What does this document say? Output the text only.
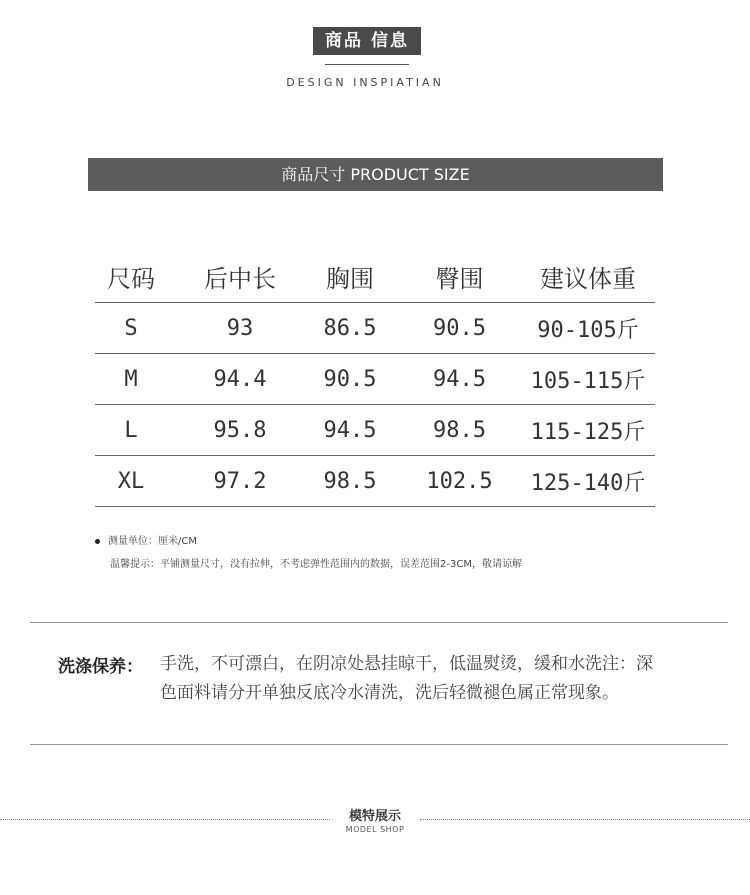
商品 信息
DESIGN INSPIATIAN
商品尺寸 PRODUCT SIZE
尺码	后中长	胸围	臀围	建议体重
S	93	86.5	90.5	90-105斤
M	94.4	90.5	94.5	105-115斤
L	95.8	94.5	98.5	115-125斤
XL	97.2	98.5	102.5	125-140斤
测量单位：厘米/CM
温馨提示：平铺测量尺寸，没有拉伸，不考虑弹性范围内的数据，误差范围2-3CM，敬请谅解
洗涤保养： 手洗，不可漂白，在阴凉处悬挂晾干，低温熨烫，缓和水洗注：深色面料请分开单独反底冷水清洗，洗后轻微褪色属正常现象。
模特展示
MODEL SHOP
